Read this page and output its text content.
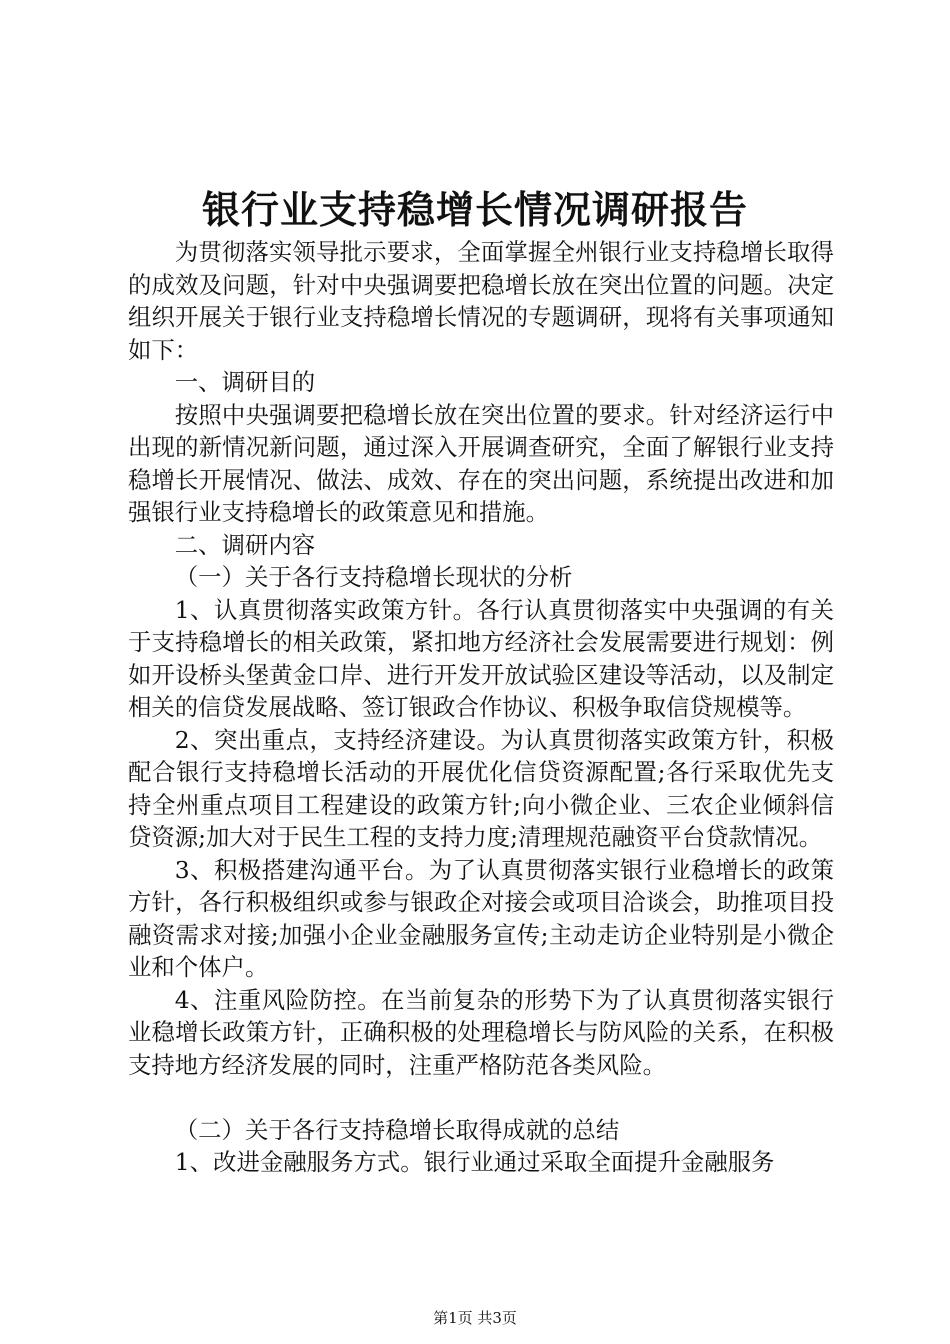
银行业支持稳增长情况调研报告

为贯彻落实领导批示要求，全面掌握全州银行业支持稳增长取得的成效及问题，针对中央强调要把稳增长放在突出位置的问题。决定组织开展关于银行业支持稳增长情况的专题调研，现将有关事项通知如下：

一、调研目的

按照中央强调要把稳增长放在突出位置的要求。针对经济运行中出现的新情况新问题，通过深入开展调查研究，全面了解银行业支持稳增长开展情况、做法、成效、存在的突出问题，系统提出改进和加强银行业支持稳增长的政策意见和措施。

二、调研内容

（一）关于各行支持稳增长现状的分析

1、认真贯彻落实政策方针。各行认真贯彻落实中央强调的有关于支持稳增长的相关政策，紧扣地方经济社会发展需要进行规划：例如开设桥头堡黄金口岸、进行开发开放试验区建设等活动，以及制定相关的信贷发展战略、签订银政合作协议、积极争取信贷规模等。

2、突出重点，支持经济建设。为认真贯彻落实政策方针，积极配合银行支持稳增长活动的开展优化信贷资源配置;各行采取优先支持全州重点项目工程建设的政策方针;向小微企业、三农企业倾斜信贷资源;加大对于民生工程的支持力度;清理规范融资平台贷款情况。

3、积极搭建沟通平台。为了认真贯彻落实银行业稳增长的政策方针，各行积极组织或参与银政企对接会或项目洽谈会，助推项目投融资需求对接;加强小企业金融服务宣传;主动走访企业特别是小微企业和个体户。

4、注重风险防控。在当前复杂的形势下为了认真贯彻落实银行业稳增长政策方针，正确积极的处理稳增长与防风险的关系，在积极支持地方经济发展的同时，注重严格防范各类风险。

（二）关于各行支持稳增长取得成就的总结

1、改进金融服务方式。银行业通过采取全面提升金融服务

第1页 共3页
